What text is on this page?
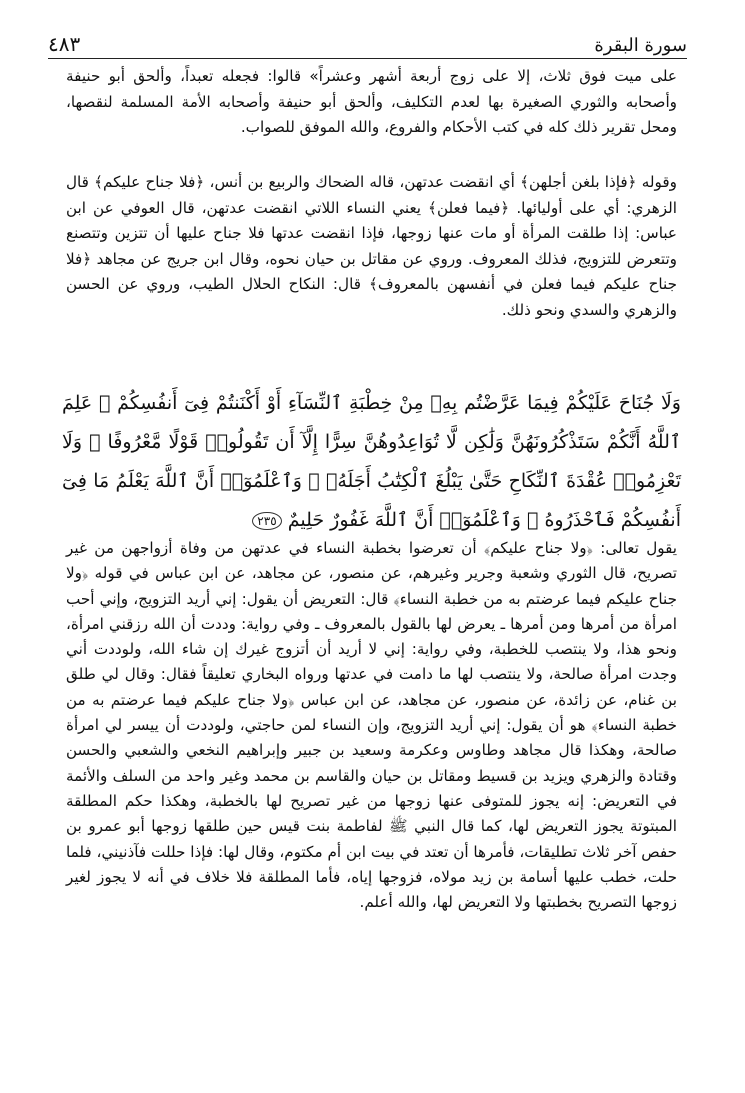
٤٨٣	سورة البقرة

على ميت فوق ثلاث، إلا على زوج أربعة أشهر وعشراً» قالوا: فجعله تعبداً، وألحق أبو حنيفة وأصحابه والثوري الصغيرة بها لعدم التكليف، وألحق أبو حنيفة وأصحابه الأمة المسلمة لنقصها، ومحل تقرير ذلك كله في كتب الأحكام والفروع، والله الموفق للصواب.

وقوله ﴿فإذا بلغن أجلهن﴾ أي انقضت عدتهن، قاله الضحاك والربيع بن أنس، ﴿فلا جناح عليكم﴾ قال الزهري: أي على أوليائها. ﴿فيما فعلن﴾ يعني النساء اللاتي انقضت عدتهن، قال العوفي عن ابن عباس: إذا طلقت المرأة أو مات عنها زوجها، فإذا انقضت عدتها فلا جناح عليها أن تتزين وتتصنع وتتعرض للتزويج، فذلك المعروف. وروي عن مقاتل بن حيان نحوه، وقال ابن جريج عن مجاهد ﴿فلا جناح عليكم فيما فعلن في أنفسهن بالمعروف﴾ قال: النكاح الحلال الطيب، وروي عن الحسن والزهري والسدي ونحو ذلك.

وَلَا جُنَاحَ عَلَيْكُمْ فِيمَا عَرَّضْتُم بِهِۦ مِنْ خِطْبَةِ ٱلنِّسَآءِ أَوْ أَكْنَنتُمْ فِىٓ أَنفُسِكُمْ ۚ عَلِمَ ٱللَّهُ أَنَّكُمْ سَتَذْكُرُونَهُنَّ وَلَٰكِن لَّا تُوَاعِدُوهُنَّ سِرًّا إِلَّآ أَن تَقُولُوا۟ قَوْلًا مَّعْرُوفًا ۚ وَلَا تَعْزِمُوا۟ عُقْدَةَ ٱلنِّكَاحِ حَتَّىٰ يَبْلُغَ ٱلْكِتَٰبُ أَجَلَهُۥ ۚ وَٱعْلَمُوٓا۟ أَنَّ ٱللَّهَ يَعْلَمُ مَا فِىٓ أَنفُسِكُمْ فَٱحْذَرُوهُ ۚ وَٱعْلَمُوٓا۟ أَنَّ ٱللَّهَ غَفُورٌ حَلِيمٌ ٢٣٥

يقول تعالى: ﴿ولا جناح عليكم﴾ أن تعرضوا بخطبة النساء في عدتهن من وفاة أزواجهن من غير تصريح، قال الثوري وشعبة وجرير وغيرهم، عن منصور، عن مجاهد، عن ابن عباس في قوله ﴿ولا جناح عليكم فيما عرضتم به من خطبة النساء﴾ قال: التعريض أن يقول: إني أريد التزويج، وإني أحب امرأة من أمرها ومن أمرها ـ يعرض لها بالقول بالمعروف ـ وفي رواية: وددت أن الله رزقني امرأة، ونحو هذا، ولا ينتصب للخطبة، وفي رواية: إني لا أريد أن أتزوج غيرك إن شاء الله، ولوددت أني وجدت امرأة صالحة، ولا ينتصب لها ما دامت في عدتها ورواه البخاري تعليقاً فقال: وقال لي طلق بن غنام، عن زائدة، عن منصور، عن مجاهد، عن ابن عباس ﴿ولا جناح عليكم فيما عرضتم به من خطبة النساء﴾ هو أن يقول: إني أريد التزويج، وإن النساء لمن حاجتي، ولوددت أن ييسر لي امرأة صالحة، وهكذا قال مجاهد وطاوس وعكرمة وسعيد بن جبير وإبراهيم النخعي والشعبي والحسن وقتادة والزهري ويزيد بن قسيط ومقاتل بن حيان والقاسم بن محمد وغير واحد من السلف والأئمة في التعريض: إنه يجوز للمتوفى عنها زوجها من غير تصريح لها بالخطبة، وهكذا حكم المطلقة المبتوتة يجوز التعريض لها، كما قال النبي ﷺ لفاطمة بنت قيس حين طلقها زوجها أبو عمرو بن حفص آخر ثلاث تطليقات، فأمرها أن تعتد في بيت ابن أم مكتوم، وقال لها: فإذا حللت فآذنيني، فلما حلت، خطب عليها أسامة بن زيد مولاه، فزوجها إياه، فأما المطلقة فلا خلاف في أنه لا يجوز لغير زوجها التصريح بخطبتها ولا التعريض لها، والله أعلم.
